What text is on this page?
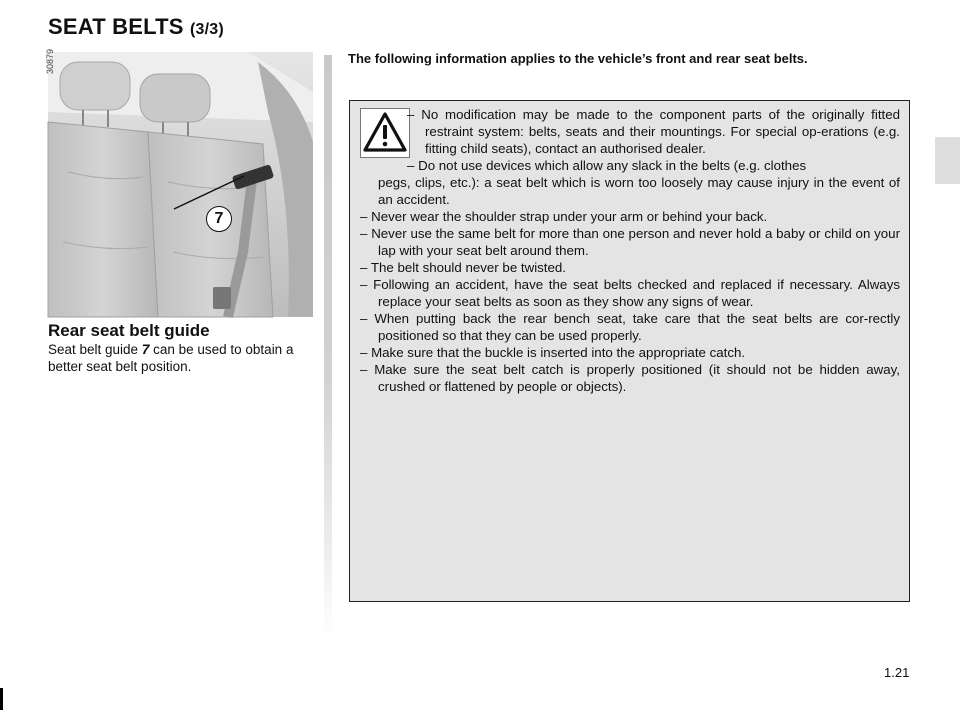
SEAT BELTS (3/3)
30879
7
Rear seat belt guide
Seat belt guide 7 can be used to obtain a better seat belt position.
The following information applies to the vehicle’s front and rear seat belts.

– No modification may be made to the component parts of the originally fitted restraint system: belts, seats and their mountings. For special op-erations (e.g. fitting child seats), contact an authorised dealer.

– Do not use devices which allow any slack in the belts (e.g. clothes

pegs, clips, etc.): a seat belt which is worn too loosely may cause injury in the event of an accident.

– Never wear the shoulder strap under your arm or behind your back.

– Never use the same belt for more than one person and never hold a baby or child on your lap with your seat belt around them.

– The belt should never be twisted.

– Following an accident, have the seat belts checked and replaced if necessary. Always replace your seat belts as soon as they show any signs of wear.

– When putting back the rear bench seat, take care that the seat belts are cor-rectly positioned so that they can be used properly.

– Make sure that the buckle is inserted into the appropriate catch.

– Make sure the seat belt catch is properly positioned (it should not be hidden away, crushed or flattened by people or objects).

1.21
